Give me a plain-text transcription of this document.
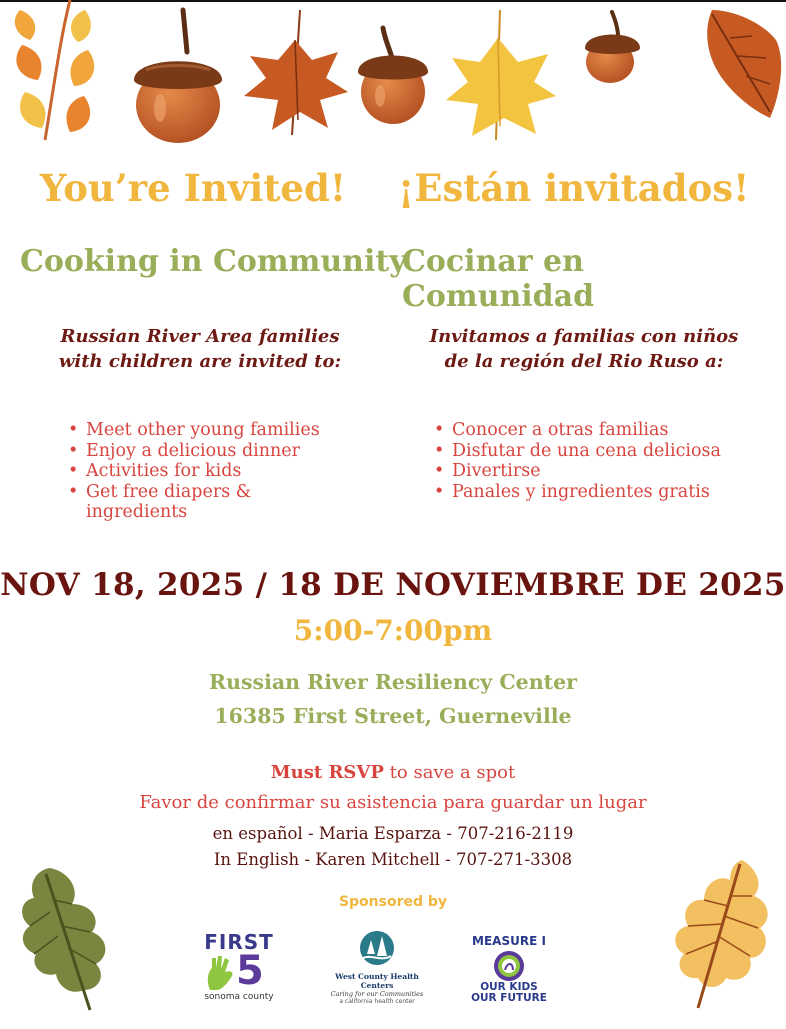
You’re Invited! ¡Están invitados!
Cooking in Community
Cocinar en Comunidad
Russian River Area families
with children are invited to:
Invitamos a familias con niños
de la región del Rio Ruso a:
• Meet other young families
• Enjoy a delicious dinner
• Activities for kids
• Get free diapers &
ingredients
• Conocer a otras familias
• Disfutar de una cena deliciosa
• Divertirse
• Panales y ingredientes gratis
NOV 18, 2025 / 18 DE NOVIEMBRE DE 2025
5:00-7:00pm
Russian River Resiliency Center
16385 First Street, Guerneville
Must RSVP to save a spot
Favor de confirmar su asistencia para guardar un lugar
en español - Maria Esparza - 707-216-2119
In English - Karen Mitchell - 707-271-3308
Sponsored by
FIRST
5
sonoma county
West County Health Centers
Caring for our Communities
a california health center
MEASURE I
OUR KIDS
OUR FUTURE
